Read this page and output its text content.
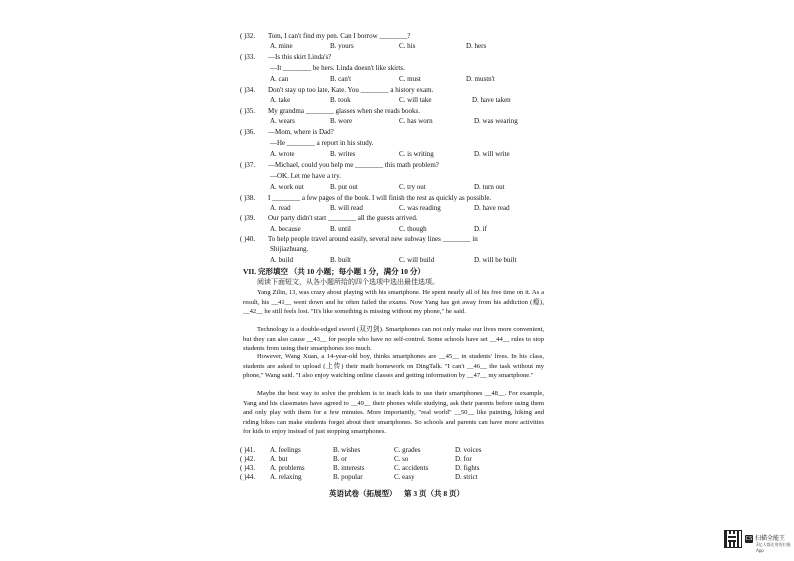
( )32. Tom, I can't find my pen. Can I borrow ________?
A. mine	B. yours	C. his	D. hers
( )33. —Is this skirt Linda's?
—It ________ be hers. Linda doesn't like skirts.
A. can	B. can't	C. must	D. mustn't
( )34. Don't stay up too late, Kate. You ________ a history exam.
A. take	B. took	C. will take	D. have taken
( )35. My grandma ________ glasses when she reads books.
A. wears	B. wore	C. has worn	D. was wearing
( )36. —Mom, where is Dad?
—He ________ a report in his study.
A. wrote	B. writes	C. is writing	D. will write
( )37. —Michael, could you help me ________ this math problem?
—OK. Let me have a try.
A. work out	B. put out	C. try out	D. turn out
( )38. I ________ a few pages of the book. I will finish the rest as quickly as possible.
A. read	B. will read	C. was reading	D. have read
( )39. Our party didn't start ________ all the guests arrived.
A. because	B. until	C. though	D. if
( )40. To help people travel around easily, several new subway lines ________ in
Shijiazhuang.
A. build	B. built	C. will build	D. will be built
VII. 完形填空 （共 10 小题；每小题 1 分，满分 10 分）
阅读下面短文，从各小题所给的四个选项中选出最佳选项。
Yang Zilin, 13, was crazy about playing with his smartphone. He spent nearly all of his free time on it. As a result, his __41__ went down and he often failed the exams. Now Yang has got away from his addiction (瘾), __42__ he still feels lost. "It's like something is missing without my phone," he said.
Technology is a double-edged sword (双刃剑). Smartphones can not only make our lives more convenient, but they can also cause __43__ for people who have no self-control. Some schools have set __44__ rules to stop students from using their smartphones too much.
However, Wang Xuan, a 14-year-old boy, thinks smartphones are __45__ in students' lives. In his class, students are asked to upload (上传) their math homework on DingTalk. "I can't __46__ the task without my phone," Wang said. "I also enjoy watching online classes and getting information by __47__ my smartphone."
Maybe the best way to solve the problem is to teach kids to use their smartphones __48__. For example, Yang and his classmates have agreed to __49__ their phones while studying, ask their parents before using them and only play with them for a few minutes. More importantly, "real world" __50__ like painting, hiking and riding bikes can make students forget about their smartphones. So schools and parents can have more activities for kids to enjoy instead of just stopping smartphones.
( )41. A. feelings	B. wishes	C. grades	D. voices
( )42. A. but	B. or	C. so	D. for
( )43. A. problems	B. interests	C. accidents	D. fights
( )44. A. relaxing	B. popular	C. easy	D. strict
英语试卷（拓展型）    第 3 页（共 8 页）
CS 扫描全能王
3亿人都在用的扫描App
